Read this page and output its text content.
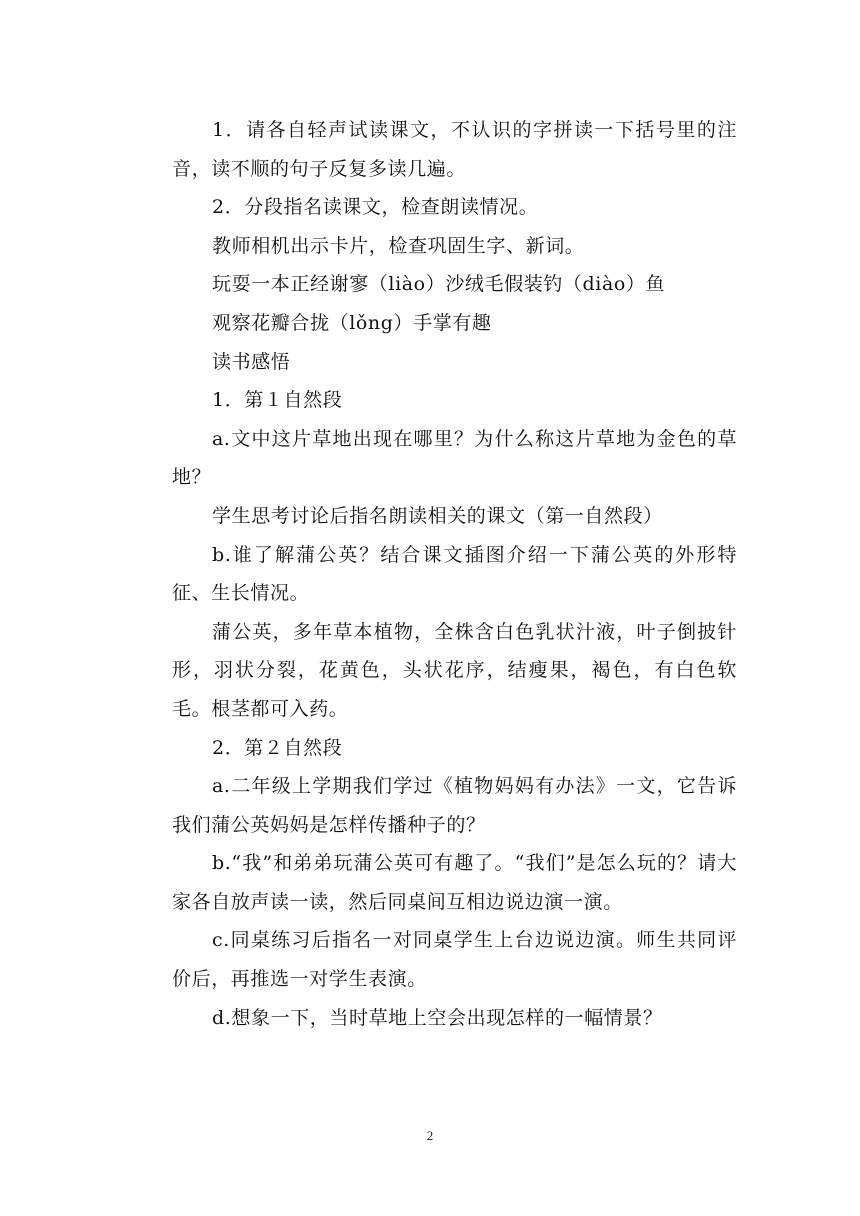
1．请各自轻声试读课文，不认识的字拼读一下括号里的注音，读不顺的句子反复多读几遍。

2．分段指名读课文，检查朗读情况。

教师相机出示卡片，检查巩固生字、新词。

玩耍一本正经谢寥（liào）沙绒毛假装钓（diào）鱼

观察花瓣合拢（lǒng）手掌有趣

读书感悟

1．第１自然段

a.文中这片草地出现在哪里？为什么称这片草地为金色的草地？

学生思考讨论后指名朗读相关的课文（第一自然段）

b.谁了解蒲公英？结合课文插图介绍一下蒲公英的外形特征、生长情况。

蒲公英，多年草本植物，全株含白色乳状汁液，叶子倒披针形，羽状分裂，花黄色，头状花序，结瘦果，褐色，有白色软毛。根茎都可入药。

2．第２自然段

a.二年级上学期我们学过《植物妈妈有办法》一文，它告诉我们蒲公英妈妈是怎样传播种子的？

b.“我”和弟弟玩蒲公英可有趣了。“我们”是怎么玩的？请大家各自放声读一读，然后同桌间互相边说边演一演。

c.同桌练习后指名一对同桌学生上台边说边演。师生共同评价后，再推选一对学生表演。

d.想象一下，当时草地上空会出现怎样的一幅情景？

2
